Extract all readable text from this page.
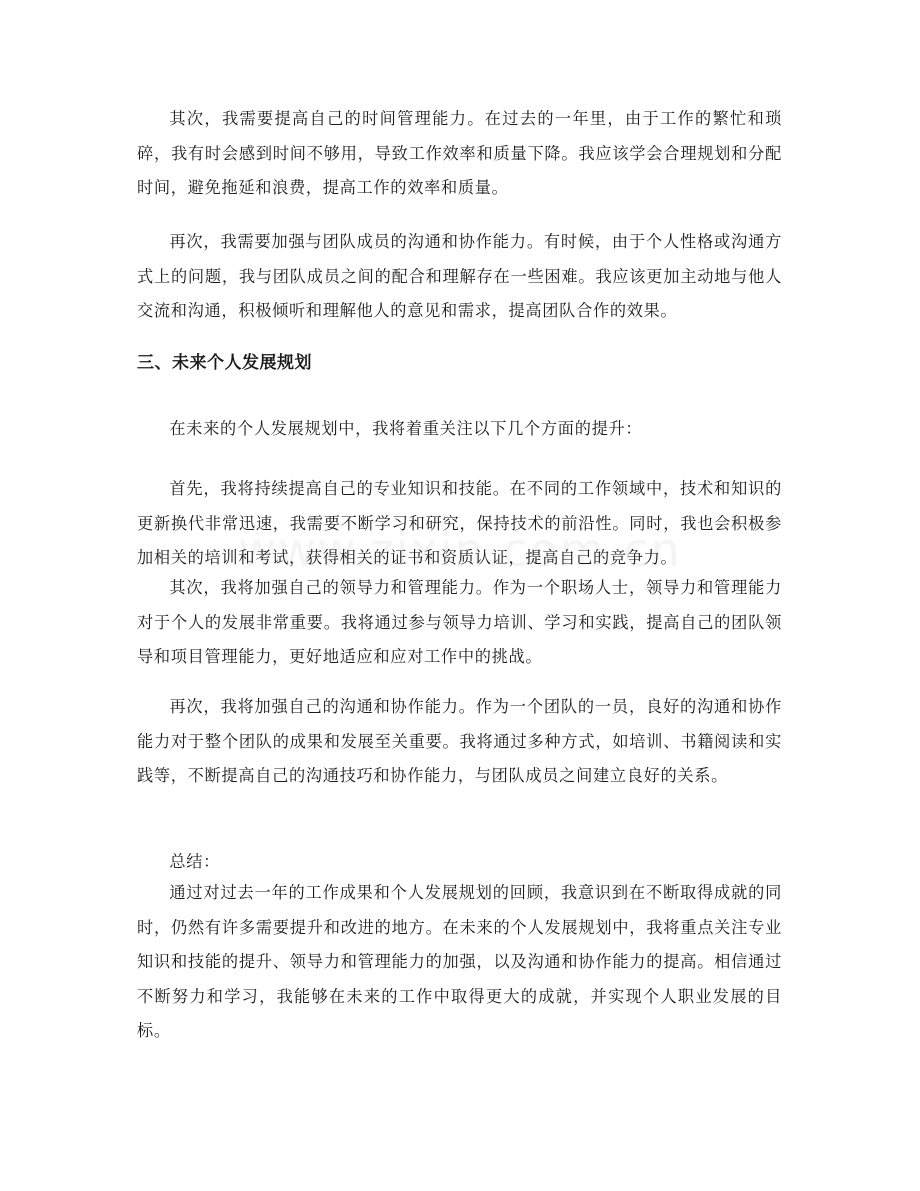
其次，我需要提高自己的时间管理能力。在过去的一年里，由于工作的繁忙和琐碎，我有时会感到时间不够用，导致工作效率和质量下降。我应该学会合理规划和分配时间，避免拖延和浪费，提高工作的效率和质量。

再次，我需要加强与团队成员的沟通和协作能力。有时候，由于个人性格或沟通方式上的问题，我与团队成员之间的配合和理解存在一些困难。我应该更加主动地与他人交流和沟通，积极倾听和理解他人的意见和需求，提高团队合作的效果。

三、未来个人发展规划

在未来的个人发展规划中，我将着重关注以下几个方面的提升：

首先，我将持续提高自己的专业知识和技能。在不同的工作领域中，技术和知识的更新换代非常迅速，我需要不断学习和研究，保持技术的前沿性。同时，我也会积极参加相关的培训和考试，获得相关的证书和资质认证，提高自己的竞争力。

其次，我将加强自己的领导力和管理能力。作为一个职场人士，领导力和管理能力对于个人的发展非常重要。我将通过参与领导力培训、学习和实践，提高自己的团队领导和项目管理能力，更好地适应和应对工作中的挑战。

再次，我将加强自己的沟通和协作能力。作为一个团队的一员，良好的沟通和协作能力对于整个团队的成果和发展至关重要。我将通过多种方式，如培训、书籍阅读和实践等，不断提高自己的沟通技巧和协作能力，与团队成员之间建立良好的关系。

总结：

通过对过去一年的工作成果和个人发展规划的回顾，我意识到在不断取得成就的同时，仍然有许多需要提升和改进的地方。在未来的个人发展规划中，我将重点关注专业知识和技能的提升、领导力和管理能力的加强，以及沟通和协作能力的提高。相信通过不断努力和学习，我能够在未来的工作中取得更大的成就，并实现个人职业发展的目标。
